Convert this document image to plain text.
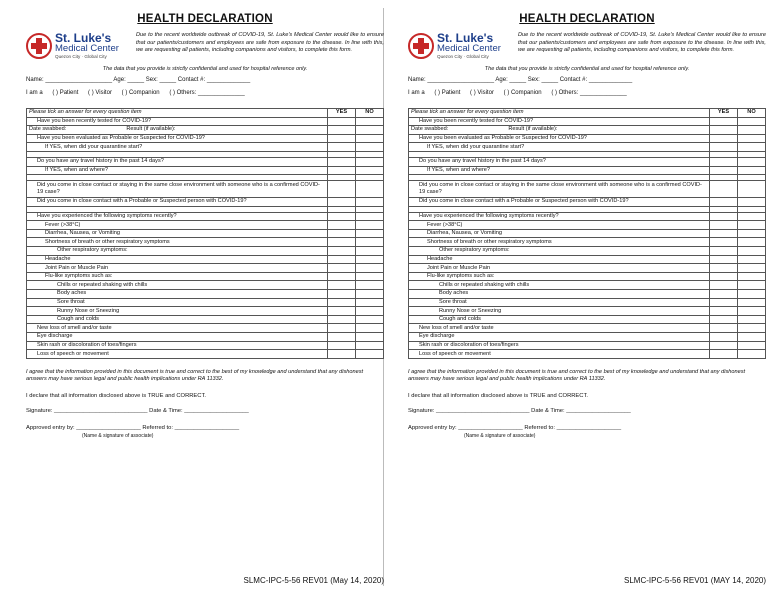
HEALTH DECLARATION
St. Luke's
Medical Center
Quezon City · Global City
Due to the recent worldwide outbreak of COVID-19, St. Luke's Medical Center would like to ensure that our patients/customers and employees are safe from exposure to the disease. In line with this, we are requesting all patients, including companions and visitors, to complete this form.
The data that you provide is strictly confidential and used for hospital reference only.
Name: ____________________ Age: _____ Sex: _____ Contact #: _____________
I am a ( ) Patient ( ) Visitor ( ) Companion ( ) Others: ______________
Please tick an answer for every question item	YES	NO
Have you been recently tested for COVID-19?		
Date swabbed: Result (if available):		
Have you been evaluated as Probable or Suspected for COVID-19?		
If YES, when did your quarantine start?		

Do you have any travel history in the past 14 days?		
If YES, when and where?		

Did you come in close contact or staying in the same close environment with someone who is a confirmed COVID-19 case?		
Did you come in close contact with a Probable or Suspected person with COVID-19?		

Have you experienced the following symptoms recently?		
Fever (>38°C)		
Diarrhea, Nausea, or Vomiting		
Shortness of breath or other respiratory symptoms		
Other respiratory symptoms:		
Headache		
Joint Pain or Muscle Pain		
Flu-like symptoms such as:		
Chills or repeated shaking with chills		
Body aches		
Sore throat		
Runny Nose or Sneezing		
Cough and colds		
New loss of smell and/or taste		
Eye discharge		
Skin rash or discoloration of toes/fingers		
Loss of speech or movement		
I agree that the information provided in this document is true and correct to the best of my knowledge and understand that any dishonest answers may have serious legal and public health implications under RA 11332.
I declare that all information disclosed above is TRUE and CORRECT.
Signature: _____________________________ Date & Time: ____________________
Approved entry by: ____________________ Referred to: ____________________
(Name & signature of associate)
SLMC-IPC-5-56 REV01 (May 14, 2020)
HEALTH DECLARATION
St. Luke's
Medical Center
Quezon City · Global City
Due to the recent worldwide outbreak of COVID-19, St. Luke's Medical Center would like to ensure that our patients/customers and employees are safe from exposure to the disease. In line with this, we are requesting all patients, including companions and visitors, to complete this form.
The data that you provide is strictly confidential and used for hospital reference only.
Name: ____________________ Age: _____ Sex: _____ Contact #: _____________
I am a ( ) Patient ( ) Visitor ( ) Companion ( ) Others: ______________
Please tick an answer for every question item	YES	NO
Have you been recently tested for COVID-19?		
Date swabbed: Result (if available):		
Have you been evaluated as Probable or Suspected for COVID-19?		
If YES, when did your quarantine start?		

Do you have any travel history in the past 14 days?		
If YES, when and where?		

Did you come in close contact or staying in the same close environment with someone who is a confirmed COVID-19 case?		
Did you come in close contact with a Probable or Suspected person with COVID-19?		

Have you experienced the following symptoms recently?		
Fever (>38°C)		
Diarrhea, Nausea, or Vomiting		
Shortness of breath or other respiratory symptoms		
Other respiratory symptoms:		
Headache		
Joint Pain or Muscle Pain		
Flu-like symptoms such as:		
Chills or repeated shaking with chills		
Body aches		
Sore throat		
Runny Nose or Sneezing		
Cough and colds		
New loss of smell and/or taste		
Eye discharge		
Skin rash or discoloration of toes/fingers		
Loss of speech or movement		
I agree that the information provided in this document is true and correct to the best of my knowledge and understand that any dishonest answers may have serious legal and public health implications under RA 11332.
I declare that all information disclosed above is TRUE and CORRECT.
Signature: _____________________________ Date & Time: ____________________
Approved entry by: ____________________ Referred to: ____________________
(Name & signature of associate)
SLMC-IPC-5-56 REV01 (MAY 14, 2020)
